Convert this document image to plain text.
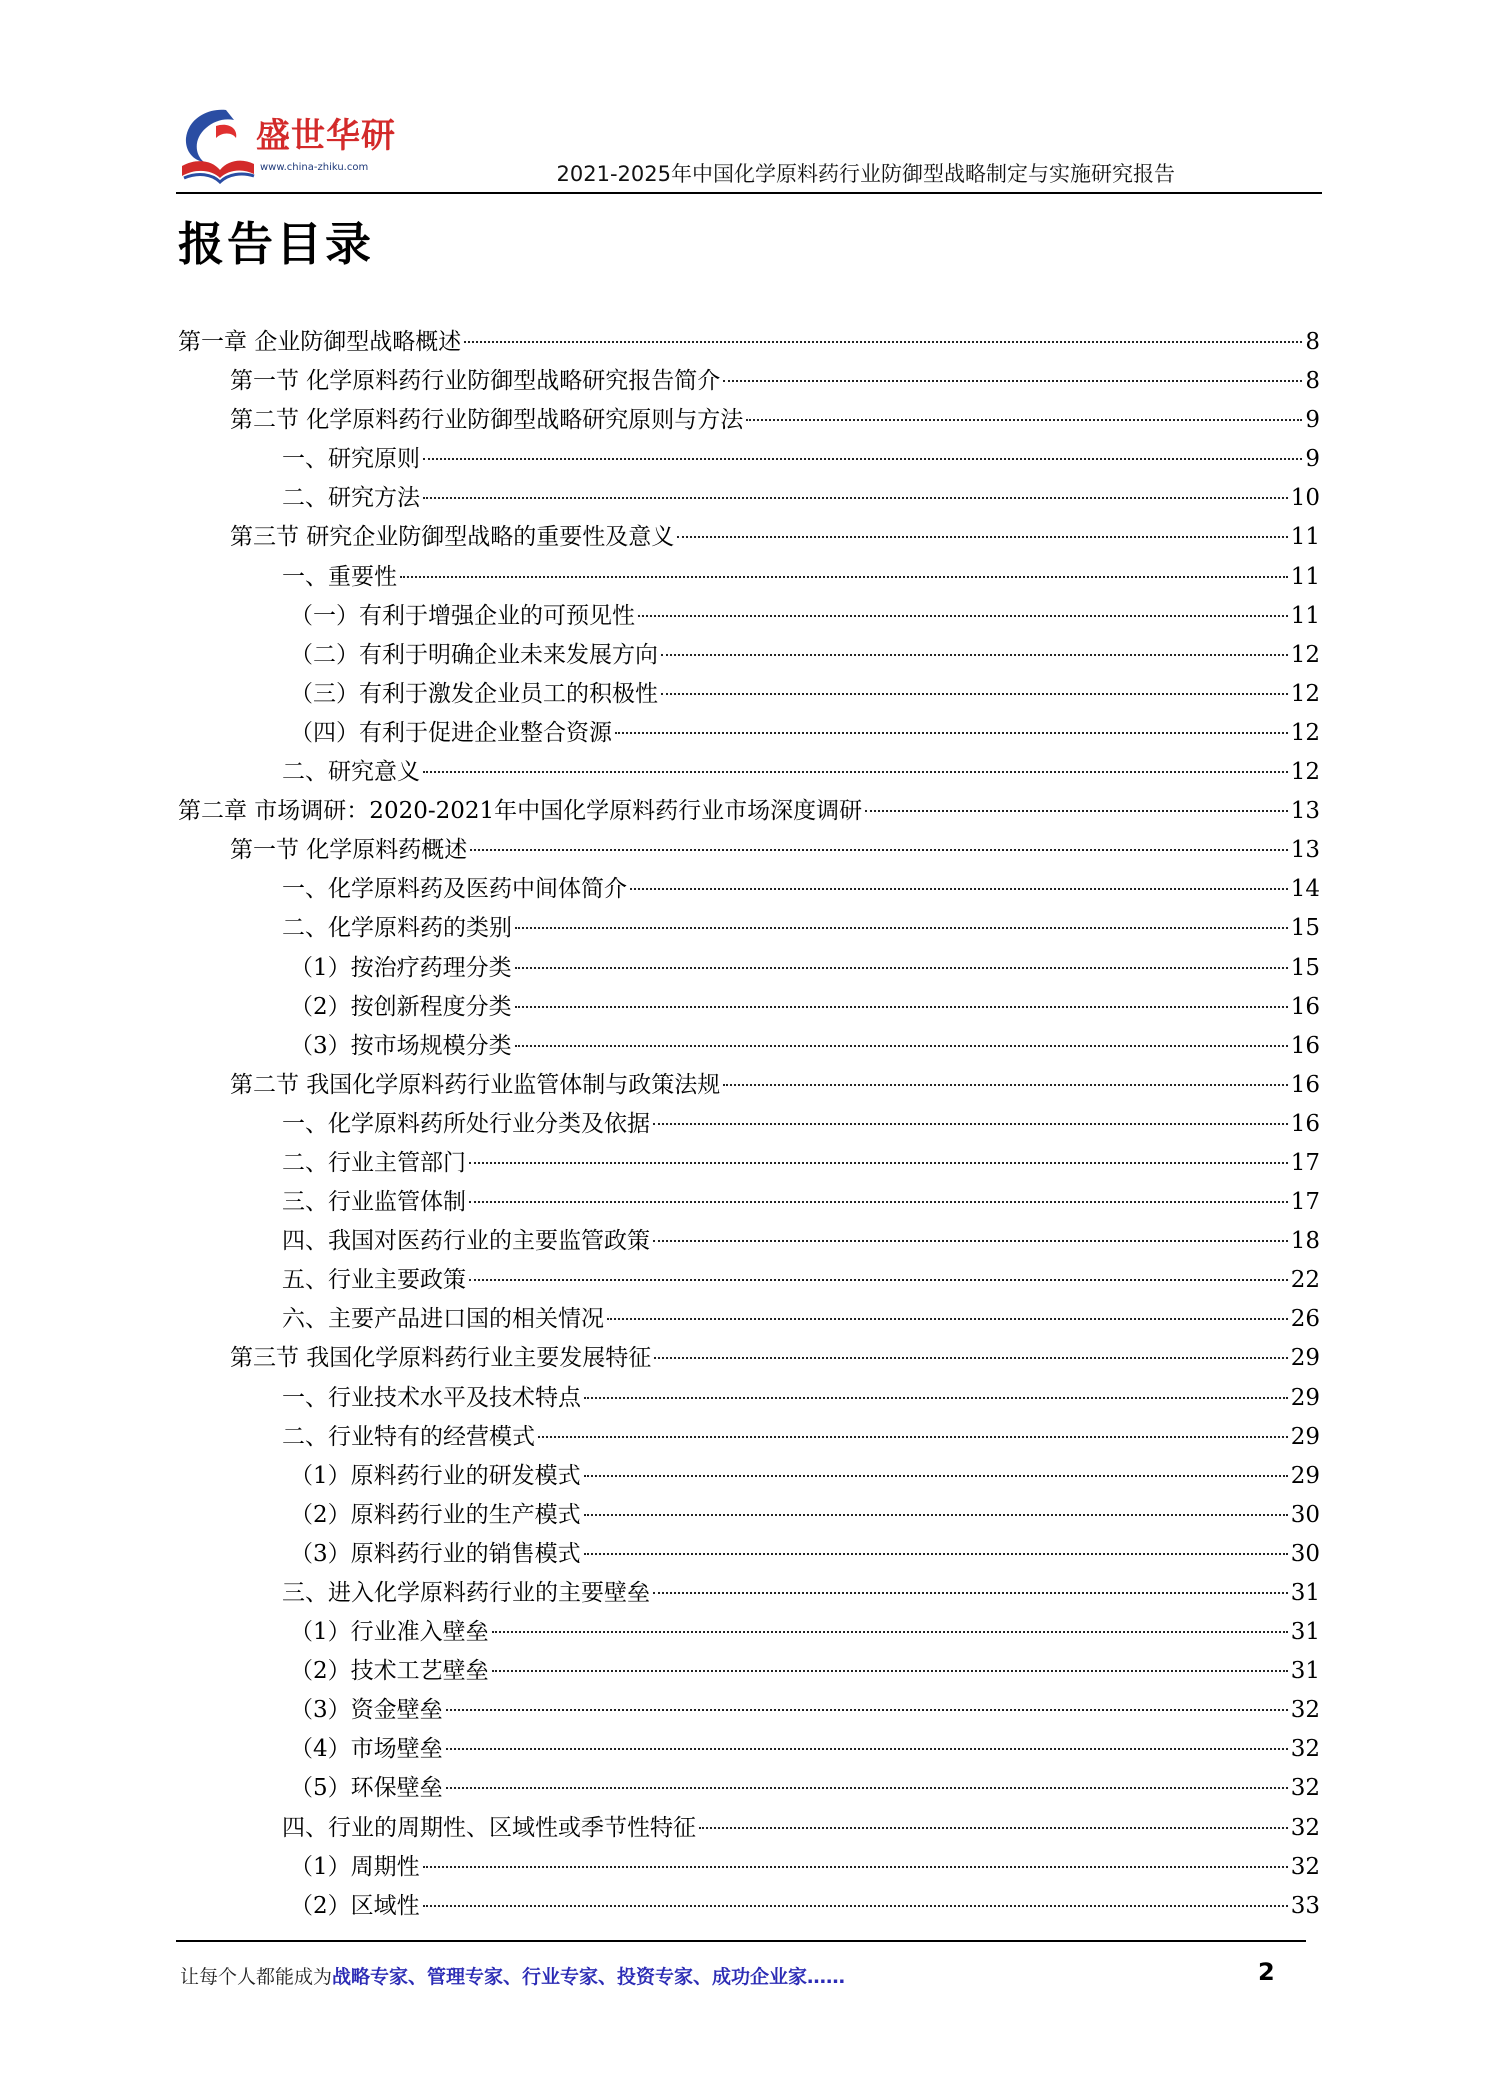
盛世华研
www.china-zhiku.com	2021-2025年中国化学原料药行业防御型战略制定与实施研究报告
报告目录
第一章 企业防御型战略概述	8
第一节 化学原料药行业防御型战略研究报告简介	8
第二节 化学原料药行业防御型战略研究原则与方法	9
一、研究原则	9
二、研究方法	10
第三节 研究企业防御型战略的重要性及意义	11
一、重要性	11
（一）有利于增强企业的可预见性	11
（二）有利于明确企业未来发展方向	12
（三）有利于激发企业员工的积极性	12
（四）有利于促进企业整合资源	12
二、研究意义	12
第二章 市场调研：2020-2021年中国化学原料药行业市场深度调研	13
第一节 化学原料药概述	13
一、化学原料药及医药中间体简介	14
二、化学原料药的类别	15
（1）按治疗药理分类	15
（2）按创新程度分类	16
（3）按市场规模分类	16
第二节 我国化学原料药行业监管体制与政策法规	16
一、化学原料药所处行业分类及依据	16
二、行业主管部门	17
三、行业监管体制	17
四、我国对医药行业的主要监管政策	18
五、行业主要政策	22
六、主要产品进口国的相关情况	26
第三节 我国化学原料药行业主要发展特征	29
一、行业技术水平及技术特点	29
二、行业特有的经营模式	29
（1）原料药行业的研发模式	29
（2）原料药行业的生产模式	30
（3）原料药行业的销售模式	30
三、进入化学原料药行业的主要壁垒	31
（1）行业准入壁垒	31
（2）技术工艺壁垒	31
（3）资金壁垒	32
（4）市场壁垒	32
（5）环保壁垒	32
四、行业的周期性、区域性或季节性特征	32
（1）周期性	32
（2）区域性	33
让每个人都能成为战略专家、管理专家、行业专家、投资专家、成功企业家……	2
